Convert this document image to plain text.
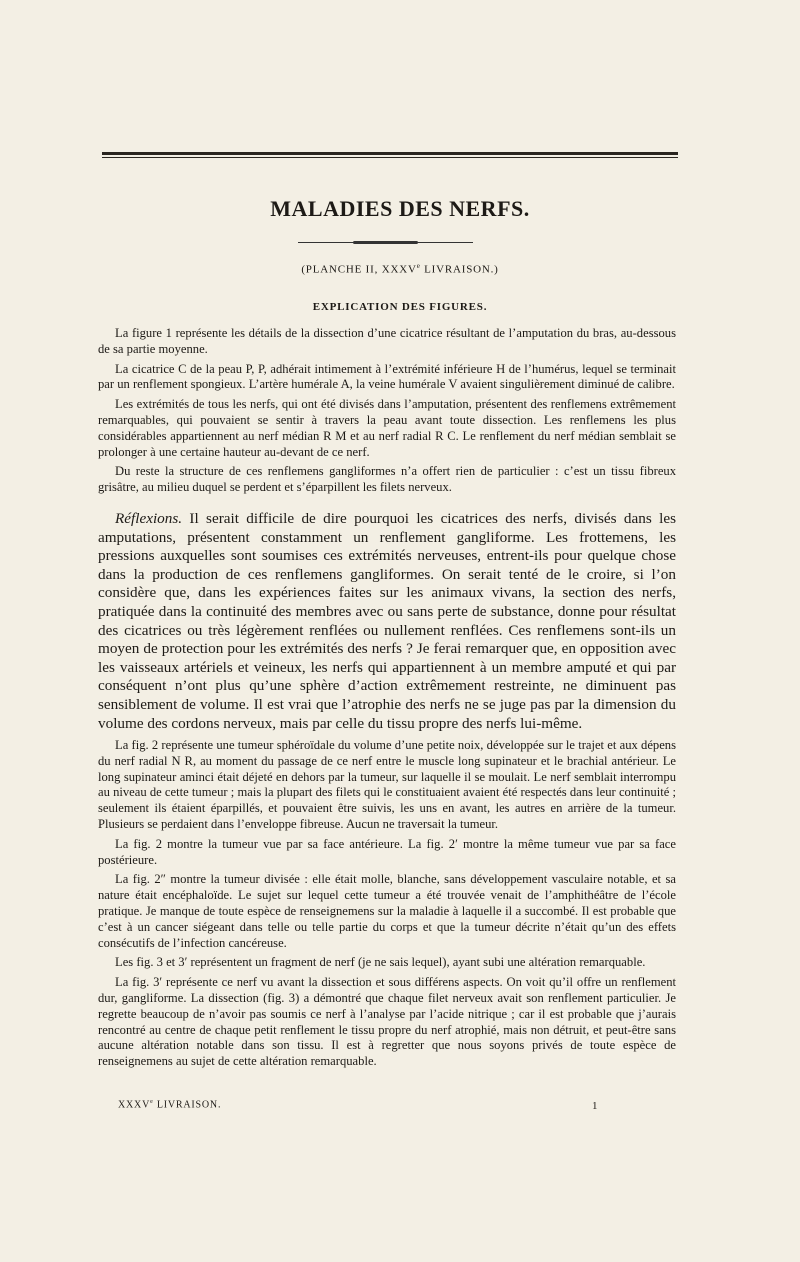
MALADIES DES NERFS.
(PLANCHE II, XXXVe LIVRAISON.)
EXPLICATION DES FIGURES.

La figure 1 représente les détails de la dissection d’une cicatrice résultant de l’amputation du bras, au-dessous de sa partie moyenne.

La cicatrice C de la peau P, P, adhérait intimement à l’extrémité inférieure H de l’humérus, lequel se terminait par un renflement spongieux. L’artère humérale A, la veine humérale V avaient singulièrement diminué de calibre.

Les extrémités de tous les nerfs, qui ont été divisés dans l’amputation, présentent des renflemens extrêmement remarquables, qui pouvaient se sentir à travers la peau avant toute dissection. Les renflemens les plus considérables appartiennent au nerf médian R M et au nerf radial R C. Le renflement du nerf médian semblait se prolonger à une certaine hauteur au-devant de ce nerf.

Du reste la structure de ces renflemens gangliformes n’a offert rien de particulier : c’est un tissu fibreux grisâtre, au milieu duquel se perdent et s’éparpillent les filets nerveux.

Réflexions. Il serait difficile de dire pourquoi les cicatrices des nerfs, divisés dans les amputations, présentent constamment un renflement gangliforme. Les frottemens, les pressions auxquelles sont soumises ces extrémités nerveuses, entrent-ils pour quelque chose dans la production de ces renflemens gangliformes. On serait tenté de le croire, si l’on considère que, dans les expériences faites sur les animaux vivans, la section des nerfs, pratiquée dans la continuité des membres avec ou sans perte de substance, donne pour résultat des cicatrices ou très légèrement renflées ou nullement renflées. Ces renflemens sont-ils un moyen de protection pour les extrémités des nerfs ? Je ferai remarquer que, en opposition avec les vaisseaux artériels et veineux, les nerfs qui appartiennent à un membre amputé et qui par conséquent n’ont plus qu’une sphère d’action extrêmement restreinte, ne diminuent pas sensiblement de volume. Il est vrai que l’atrophie des nerfs ne se juge pas par la dimension du volume des cordons nerveux, mais par celle du tissu propre des nerfs lui-même.

La fig. 2 représente une tumeur sphéroïdale du volume d’une petite noix, développée sur le trajet et aux dépens du nerf radial N R, au moment du passage de ce nerf entre le muscle long supinateur et le brachial antérieur. Le long supinateur aminci était déjeté en dehors par la tumeur, sur laquelle il se moulait. Le nerf semblait interrompu au niveau de cette tumeur ; mais la plupart des filets qui le constituaient avaient été respectés dans leur continuité ; seulement ils étaient éparpillés, et pouvaient être suivis, les uns en avant, les autres en arrière de la tumeur. Plusieurs se perdaient dans l’enveloppe fibreuse. Aucun ne traversait la tumeur.

La fig. 2 montre la tumeur vue par sa face antérieure. La fig. 2′ montre la même tumeur vue par sa face postérieure.

La fig. 2″ montre la tumeur divisée : elle était molle, blanche, sans développement vasculaire notable, et sa nature était encéphaloïde. Le sujet sur lequel cette tumeur a été trouvée venait de l’amphithéâtre de l’école pratique. Je manque de toute espèce de renseignemens sur la maladie à laquelle il a succombé. Il est probable que c’est à un cancer siégeant dans telle ou telle partie du corps et que la tumeur décrite n’était qu’un des effets consécutifs de l’infection cancéreuse.

Les fig. 3 et 3′ représentent un fragment de nerf (je ne sais lequel), ayant subi une altération remarquable.

La fig. 3′ représente ce nerf vu avant la dissection et sous différens aspects. On voit qu’il offre un renflement dur, gangliforme. La dissection (fig. 3) a démontré que chaque filet nerveux avait son renflement particulier. Je regrette beaucoup de n’avoir pas soumis ce nerf à l’analyse par l’acide nitrique ; car il est probable que j’aurais rencontré au centre de chaque petit renflement le tissu propre du nerf atrophié, mais non détruit, et peut-être sans aucune altération notable dans son tissu. Il est à regretter que nous soyons privés de toute espèce de renseignemens au sujet de cette altération remarquable.

XXXVe LIVRAISON.	1
